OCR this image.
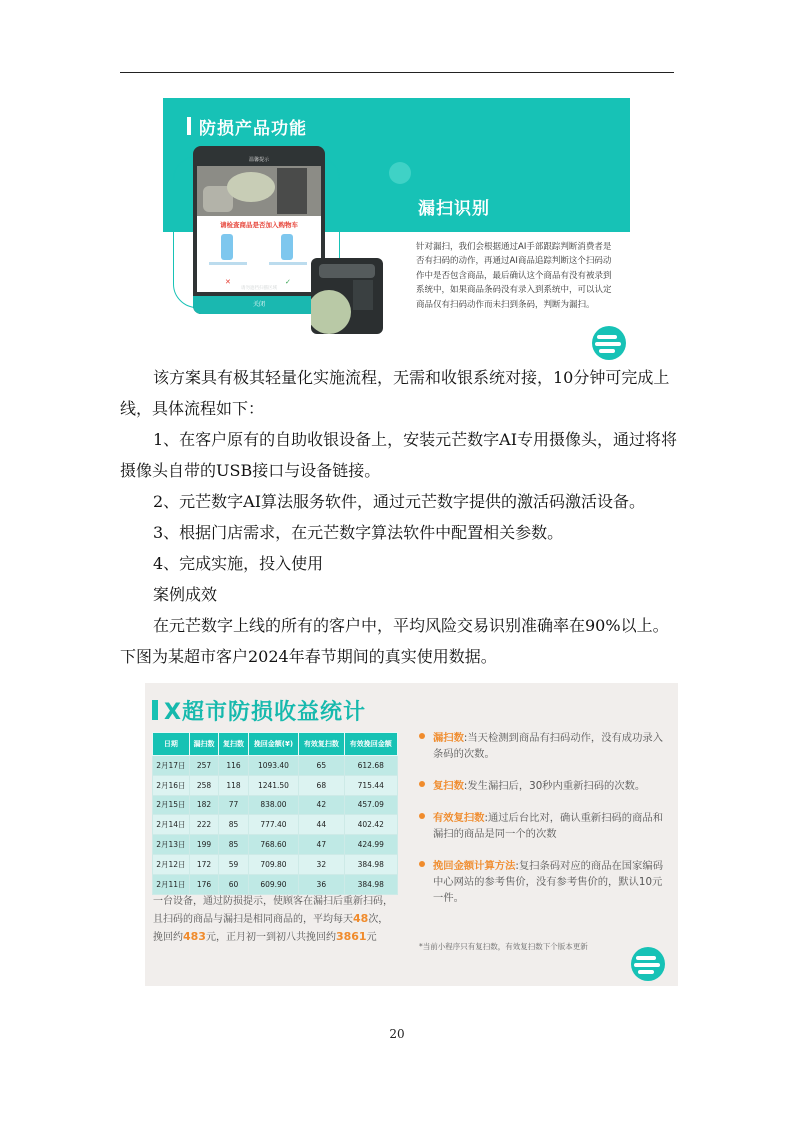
防损产品功能
漏扫识别
针对漏扫，我们会根据通过AI手部跟踪判断消费者是否有扫码的动作，再通过AI商品追踪判断这个扫码动作中是否包含商品，最后确认这个商品有没有被录到系统中，如果商品条码没有录入到系统中，可以认定商品仅有扫码动作而未扫到条码，判断为漏扫。
温馨提示
请检查商品是否加入购物车
✕	✓
请勿遮挡扫描区域
关闭

该方案具有极其轻量化实施流程，无需和收银系统对接，10分钟可完成上线，具体流程如下：

1、在客户原有的自助收银设备上，安装元芒数字AI专用摄像头，通过将将摄像头自带的USB接口与设备链接。

2、元芒数字AI算法服务软件，通过元芒数字提供的激活码激活设备。

3、根据门店需求，在元芒数字算法软件中配置相关参数。

4、完成实施，投入使用

案例成效

在元芒数字上线的所有的客户中，平均风险交易识别准确率在90%以上。下图为某超市客户2024年春节期间的真实使用数据。

X超市防损收益统计
日期	漏扫数	复扫数	挽回金额(¥)	有效复扫数	有效挽回金额
2月17日	257	116	1093.40	65	612.68
2月16日	258	118	1241.50	68	715.44
2月15日	182	77	838.00	42	457.09
2月14日	222	85	777.40	44	402.42
2月13日	199	85	768.60	47	424.99
2月12日	172	59	709.80	32	384.98
2月11日	176	60	609.90	36	384.98
一台设备，通过防损提示，使顾客在漏扫后重新扫码，且扫码的商品与漏扫是相同商品的，平均每天48次，挽回约483元，正月初一到初八共挽回约3861元
漏扫数:当天检测到商品有扫码动作，没有成功录入条码的次数。
复扫数:发生漏扫后，30秒内重新扫码的次数。
有效复扫数:通过后台比对，确认重新扫码的商品和漏扫的商品是同一个的次数
挽回金额计算方法:复扫条码对应的商品在国家编码中心网站的参考售价，没有参考售价的，默认10元一件。
*当前小程序只有复扫数，有效复扫数下个版本更新
20
